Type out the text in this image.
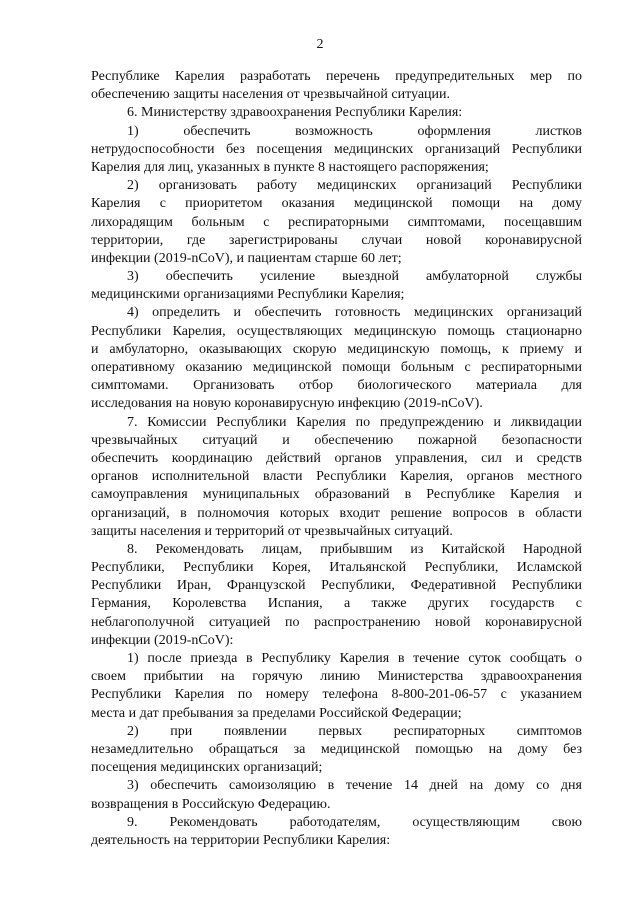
2
Республике Карелия разработать перечень предупредительных мер по
обеспечению защиты населения от чрезвычайной ситуации.
6. Министерству здравоохранения Республики Карелия:
1) обеспечить возможность оформления листков
нетрудоспособности без посещения медицинских организаций Республики
Карелия для лиц, указанных в пункте 8 настоящего распоряжения;
2) организовать работу медицинских организаций Республики
Карелия с приоритетом оказания медицинской помощи на дому
лихорадящим больным с респираторными симптомами, посещавшим
территории, где зарегистрированы случаи новой коронавирусной
инфекции (2019-nCoV), и пациентам старше 60 лет;
3) обеспечить усиление выездной амбулаторной службы
медицинскими организациями Республики Карелия;
4) определить и обеспечить готовность медицинских организаций
Республики Карелия, осуществляющих медицинскую помощь стационарно
и амбулаторно, оказывающих скорую медицинскую помощь, к приему и
оперативному оказанию медицинской помощи больным с респираторными
симптомами. Организовать отбор биологического материала для
исследования на новую коронавирусную инфекцию (2019-nCoV).
7. Комиссии Республики Карелия по предупреждению и ликвидации
чрезвычайных ситуаций и обеспечению пожарной безопасности
обеспечить координацию действий органов управления, сил и средств
органов исполнительной власти Республики Карелия, органов местного
самоуправления муниципальных образований в Республике Карелия и
организаций, в полномочия которых входит решение вопросов в области
защиты населения и территорий от чрезвычайных ситуаций.
8. Рекомендовать лицам, прибывшим из Китайской Народной
Республики, Республики Корея, Итальянской Республики, Исламской
Республики Иран, Французской Республики, Федеративной Республики
Германия, Королевства Испания, а также других государств с
неблагополучной ситуацией по распространению новой коронавирусной
инфекции (2019-nCoV):
1) после приезда в Республику Карелия в течение суток сообщать о
своем прибытии на горячую линию Министерства здравоохранения
Республики Карелия по номеру телефона 8-800-201-06-57 с указанием
места и дат пребывания за пределами Российской Федерации;
2) при появлении первых респираторных симптомов
незамедлительно обращаться за медицинской помощью на дому без
посещения медицинских организаций;
3) обеспечить самоизоляцию в течение 14 дней на дому со дня
возвращения в Российскую Федерацию.
9. Рекомендовать работодателям, осуществляющим свою
деятельность на территории Республики Карелия:
